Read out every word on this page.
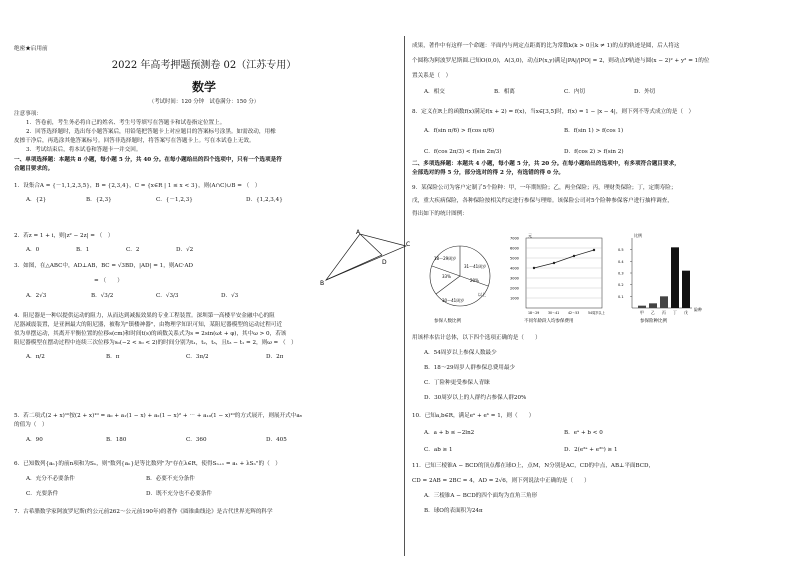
绝密★启用前
2022 年高考押题预测卷 02（江苏专用）
数学
（考试时间：120 分钟　试卷满分：150 分）
注意事项：
1．答卷前，考生务必将自己的姓名、考生号等填写在答题卡和试卷指定位置上。
2．回答选择题时，选出每小题答案后，用铅笔把答题卡上对应题目的答案标号涂黑。如需改动，用橡
皮擦干净后，再选涂其他答案标号。回答非选择题时，将答案写在答题卡上。写在本试卷上无效。
3．考试结束后，将本试卷和答题卡一并交回。
一、单项选择题：本题共 8 小题，每小题 5 分，共 40 分。在每小题给出的四个选项中，只有一个选项是符
合题目要求的。
1．设集合A = {－1,1,2,3,5}，B = {2,3,4}，C = {x∈R | 1 ≤ x < 3}，则(A∩C)∪B = （　）
A．{2}	B．{2,3}	C．{－1,2,3}	D．{1,2,3,4}
2．若z = 1 + i，则|z² − 2z| = （　）
A．0	B．1	C．2	D．√2
A
B
C
D
3．如图，在△ABC中，AD⊥AB，BC = √3BD，|AD| = 1，则AC·AD
= （　　）
A．2√3	B．√3/2	C．√3/3	D．√3
4．阻尼器是一种以提供运动的阻力，从而达到减振效果的专业工程装置。深圳第一高楼平安金融中心的阻
尼器减震装置，是亚洲最大的阻尼器，被称为"镇楼神器"，由物理学知识可知，某阻尼器模型的运动过程可近
似为单摆运动，其离开平衡位置的位移s(cm)和时间t(s)的函数关系式为s = 2sin(ωt + φ)，其中ω > 0，若该
阻尼器模型在摆动过程中连续三次位移为s₀(−2 < s₀ < 2)的时间分别为t₁，t₂，t₃，且t₃ − t₁ = 2，则ω = （　）
A．π/2	B．π	C．3π/2	D．2π
5．若二项式(2 + x)¹⁰按(2 + x)¹⁰ = a₀ + a₁(1 − x) + a₂(1 − x)² + ⋯ + a₁₀(1 − x)¹⁰的方式展开，则展开式中a₈
的值为（　）
A．90	B．180	C．360	D．405
6．已知数列{aₙ}的前n项和为Sₙ，则"数列{aₙ}是等比数列"为"存在λ∈R，使得Sₙ₊₁ = a₁ + λSₙ"的（　）
A．充分不必要条件	B．必要不充分条件
C．充要条件	D．既不充分也不必要条件
7．古希腊数学家阿波罗尼斯(约公元前262～公元前190年)的著作《圆锥曲线论》是古代世界光辉的科学
成果，著作中有这样一个命题：平面内与两定点距离的比为常数k(k > 0且k ≠ 1)的点的轨迹是圆，后人将这
个圆称为阿波罗尼斯圆.已知O(0,0)，A(3,0)，动点P(x,y)满足|PA|/|PO| = 2，则动点P轨迹与圆(x − 2)² + y² = 1的位
置关系是（　）
A．相交	B．相离	C．内切	D．外切
8．定义在R上的函数f(x)满足f(x + 2) = f(x)，当x∈[3,5]时，f(x) = 1 − |x − 4|，则下列不等式成立的是（　）
A．f(sin π/6) > f(cos π/6)	B．f(sin 1) > f(cos 1)
C．f(cos 2π/3) < f(sin 2π/3)	D．f(cos 2) > f(sin 2)
二、多项选择题：本题共 4 小题，每小题 5 分，共 20 分。在每小题给出的选项中，有多项符合题目要求，
全部选对的得 5 分，部分选对的得 2 分，有选错的得 0 分。
9．某保险公司为客户定制了5个险种：甲，一年期短险；乙，两全保险；丙，理财类保险；丁，定期寿险；
戊，重大疾病保险，各种保险按相关约定进行参保与理赔。该保险公司对5个险种参保客户进行抽样调查，
得出如下的统计图例：
18～29周岁
31～41周岁
30～41周岁
20%
33%
以上
参保人数比例
元
7000
6000
5000
4000
3000
2000
1000
18～29	30～41	42～53	54周岁以上
不同年龄段人均参保费用
比例
0.5
0.4
0.3
0.2
0.1
甲 乙 丙 丁 戊
险种
参保险种比例
用该样本估计总体，以下四个选项正确的是（　　）
A．54周岁以上参保人数最少
B．18～29周岁人群参保总费用最少
C．丁险种更受参保人青睐
D．30周岁以上的人群约占参保人群20%
10．已知a,b∈R，满足eᵃ + eᵇ = 1，则（　　）
A．a + b ≤ −2ln2	B．eᵃ + b < 0
C．ab ≥ 1	D．2(e²ᵃ + e²ᵇ) ≥ 1
11．已知三棱锥A − BCD的顶点都在球O上，点M，N分别是AC，CD的中点，AB⊥平面BCD，
CD = 2AB = 2BC = 4，AD = 2√6，则下列说法中正确的是（　　）
A．三棱锥A − BCD的四个面均为直角三角形
B．球O的表面积为24π
